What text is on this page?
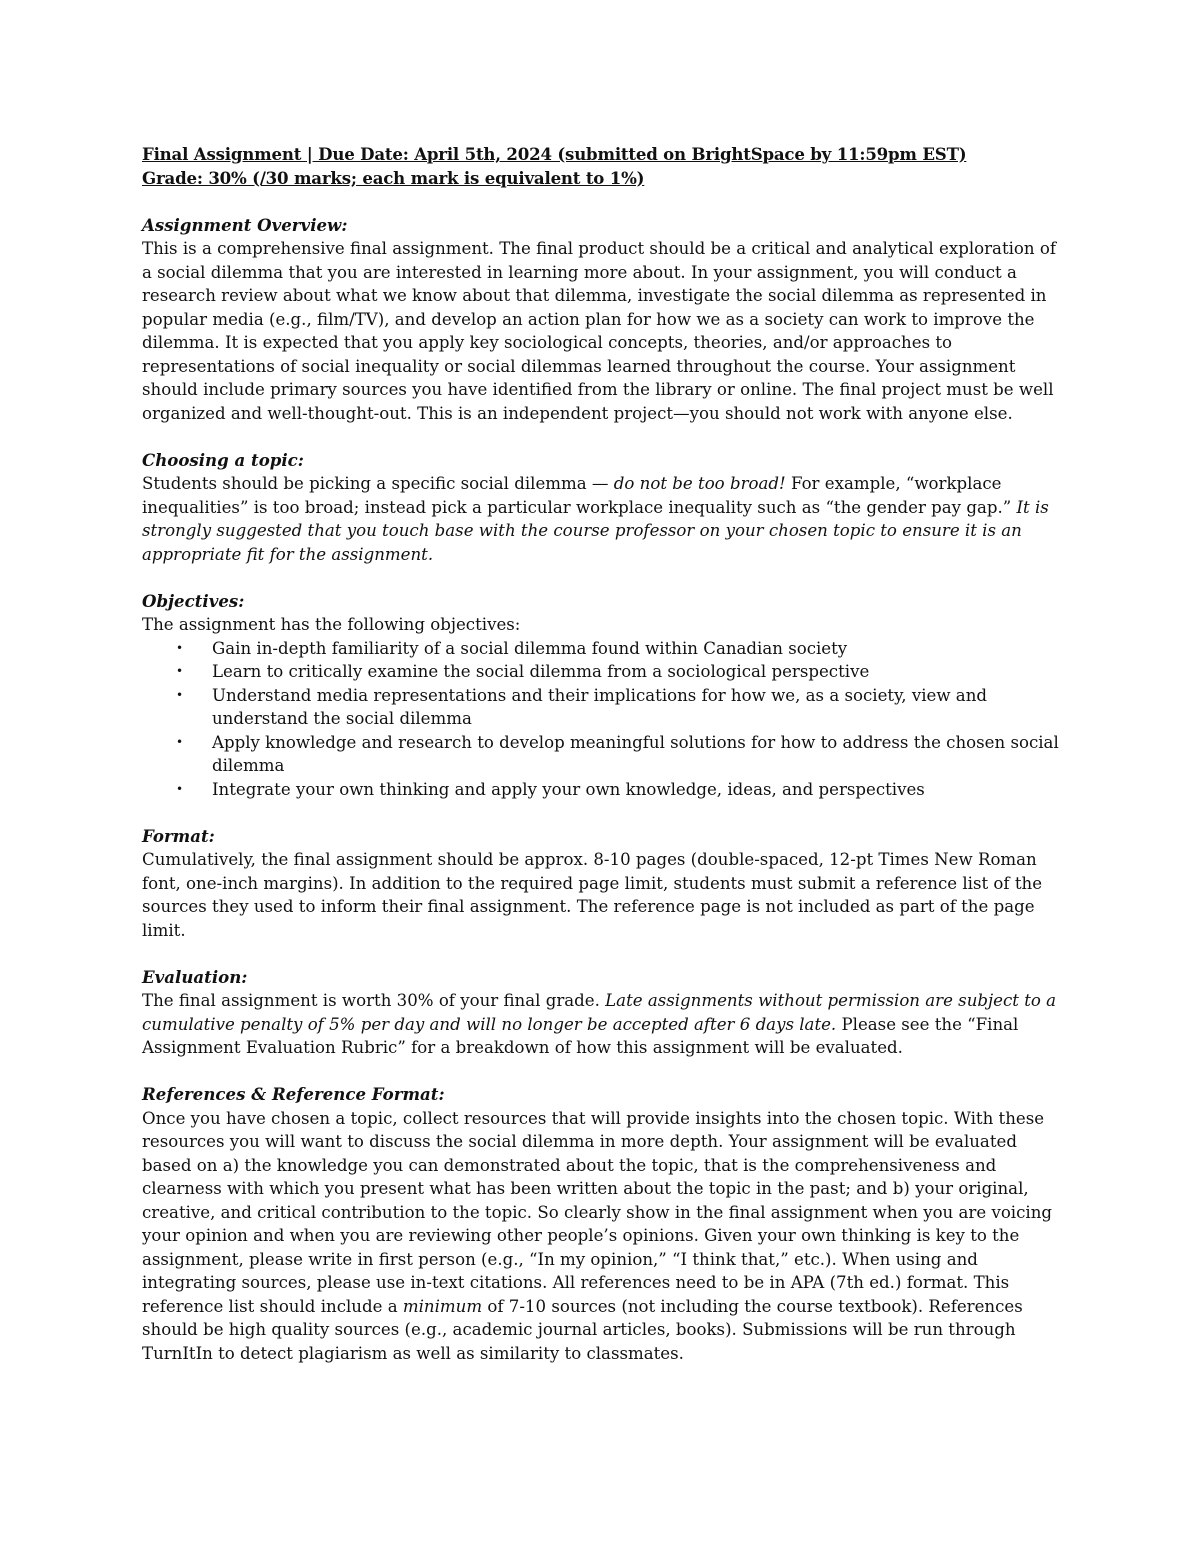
Final Assignment | Due Date: April 5th, 2024 (submitted on BrightSpace by 11:59pm EST)
Grade: 30% (/30 marks; each mark is equivalent to 1%)
Assignment Overview:

This is a comprehensive final assignment. The final product should be a critical and analytical exploration of a social dilemma that you are interested in learning more about. In your assignment, you will conduct a research review about what we know about that dilemma, investigate the social dilemma as represented in popular media (e.g., film/TV), and develop an action plan for how we as a society can work to improve the dilemma. It is expected that you apply key sociological concepts, theories, and/or approaches to representations of social inequality or social dilemmas learned throughout the course. Your assignment should include primary sources you have identified from the library or online. The final project must be well organized and well-thought-out. This is an independent project—you should not work with anyone else.

Choosing a topic:

Students should be picking a specific social dilemma — do not be too broad! For example, “workplace inequalities” is too broad; instead pick a particular workplace inequality such as “the gender pay gap.” It is strongly suggested that you touch base with the course professor on your chosen topic to ensure it is an appropriate fit for the assignment.

Objectives:

The assignment has the following objectives:

• Gain in-depth familiarity of a social dilemma found within Canadian society
• Learn to critically examine the social dilemma from a sociological perspective
• Understand media representations and their implications for how we, as a society, view and understand the social dilemma
• Apply knowledge and research to develop meaningful solutions for how to address the chosen social dilemma
• Integrate your own thinking and apply your own knowledge, ideas, and perspectives
Format:

Cumulatively, the final assignment should be approx. 8-10 pages (double-spaced, 12-pt Times New Roman font, one-inch margins). In addition to the required page limit, students must submit a reference list of the sources they used to inform their final assignment. The reference page is not included as part of the page limit.

Evaluation:

The final assignment is worth 30% of your final grade. Late assignments without permission are subject to a cumulative penalty of 5% per day and will no longer be accepted after 6 days late. Please see the “Final Assignment Evaluation Rubric” for a breakdown of how this assignment will be evaluated.

References & Reference Format:

Once you have chosen a topic, collect resources that will provide insights into the chosen topic. With these resources you will want to discuss the social dilemma in more depth. Your assignment will be evaluated based on a) the knowledge you can demonstrated about the topic, that is the comprehensiveness and clearness with which you present what has been written about the topic in the past; and b) your original, creative, and critical contribution to the topic. So clearly show in the final assignment when you are voicing your opinion and when you are reviewing other people’s opinions. Given your own thinking is key to the assignment, please write in first person (e.g., “In my opinion,” “I think that,” etc.). When using and integrating sources, please use in-text citations. All references need to be in APA (7th ed.) format. This reference list should include a minimum of 7-10 sources (not including the course textbook). References should be high quality sources (e.g., academic journal articles, books). Submissions will be run through TurnItIn to detect plagiarism as well as similarity to classmates.
